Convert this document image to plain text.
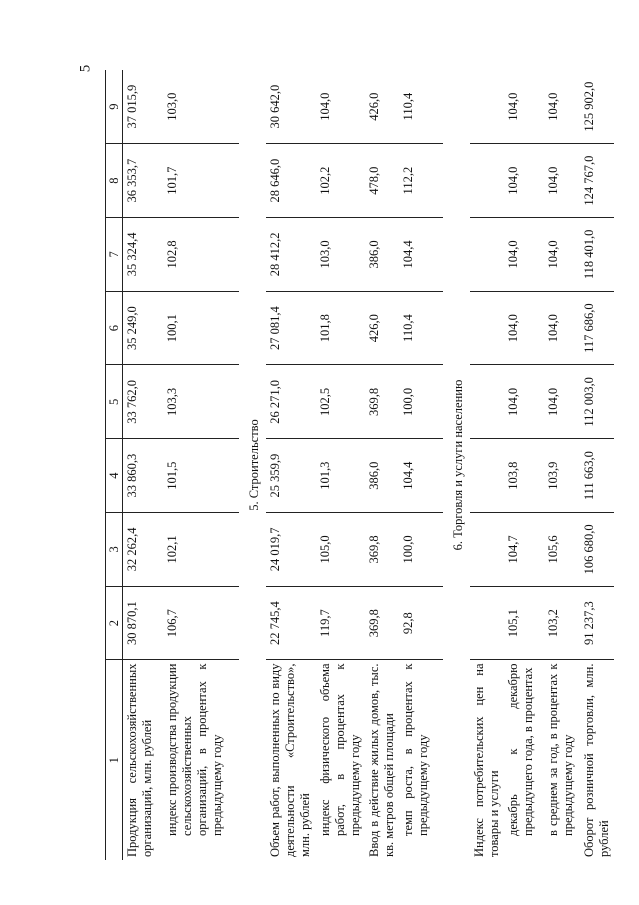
5
1	2	3	4	5	6	7	8	9
Продукция сельскохозяйственных организаций, млн. рублей	30 870,1	32 262,4	33 860,3	33 762,0	35 249,0	35 324,4	36 353,7	37 015,9
индекс производства продукции сельскохозяйственных организаций, в процентах к предыдущему году	106,7	102,1	101,5	103,3	100,1	102,8	101,7	103,0
5. Строительство								
Объем работ, выполненных по виду деятельности «Строительство», млн. рублей	22 745,4	24 019,7	25 359,9	26 271,0	27 081,4	28 412,2	28 646,0	30 642,0
индекс физического объема работ, в процентах к предыдущему году	119,7	105,0	101,3	102,5	101,8	103,0	102,2	104,0
Ввод в действие жилых домов, тыс. кв. метров общей площади	369,8	369,8	386,0	369,8	426,0	386,0	478,0	426,0
темп роста, в процентах к предыдущему году	92,8	100,0	104,4	100,0	110,4	104,4	112,2	110,4
6. Торговля и услуги населению								
Индекс потребительских цен на товары и услуги								
декабрь к декабрю предыдущего года, в процентах	105,1	104,7	103,8	104,0	104,0	104,0	104,0	104,0
в среднем за год, в процентах к предыдущему году	103,2	105,6	103,9	104,0	104,0	104,0	104,0	104,0
Оборот розничной торговли, млн. рублей	91 237,3	106 680,0	111 663,0	112 003,0	117 686,0	118 401,0	124 767,0	125 902,0
